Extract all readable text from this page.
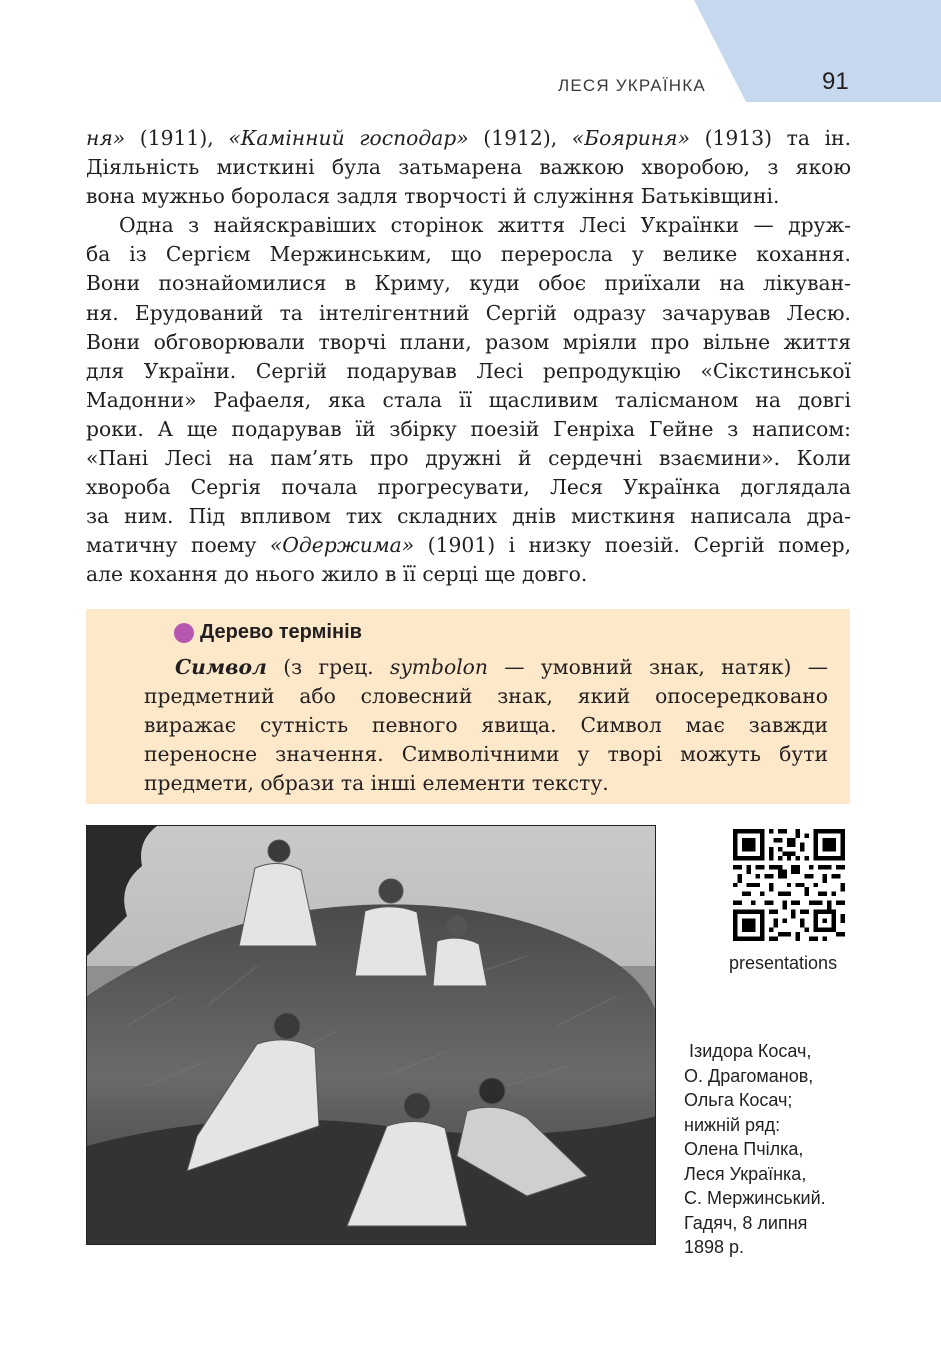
ЛЕСЯ УКРАЇНКА	91

ня» (1911), «Камінний господар» (1912), «Бояриня» (1913) та ін.
Діяльність мисткині була затьмарена важкою хворобою, з якою
вона мужньо боролася задля творчості й служіння Батьківщині.

Одна з найяскравіших сторінок життя Лесі Українки — друж-
ба із Сергієм Мержинським, що переросла у велике кохання.
Вони познайомилися в Криму, куди обоє приїхали на лікуван-
ня. Ерудований та інтелігентний Сергій одразу зачарував Лесю.
Вони обговорювали творчі плани, разом мріяли про вільне життя
для України. Сергій подарував Лесі репродукцію «Сікстинської
Мадонни» Рафаеля, яка стала її щасливим талісманом на довгі
роки. А ще подарував їй збірку поезій Генріха Гейне з написом:
«Пані Лесі на пам’ять про дружні й сердечні взаємини». Коли
хвороба Сергія почала прогресувати, Леся Українка доглядала
за ним. Під впливом тих складних днів мисткиня написала дра-
матичну поему «Одержима» (1901) і низку поезій. Сергій помер,
але кохання до нього жило в її серці ще довго.

Дерево термінів
Символ (з грец. symbolon — умовний знак, натяк) —
предметний або словесний знак, який опосередковано
виражає сутність певного явища. Символ має завжди
переносне значення. Символічними у творі можуть бути
предмети, образи та інші елементи тексту.
presentations
Ізидора Косач,
О. Драгоманов,
Ольга Косач;
нижній ряд:
Олена Пчілка,
Леся Українка,
С. Мержинський.
Гадяч, 8 липня
1898 р.
